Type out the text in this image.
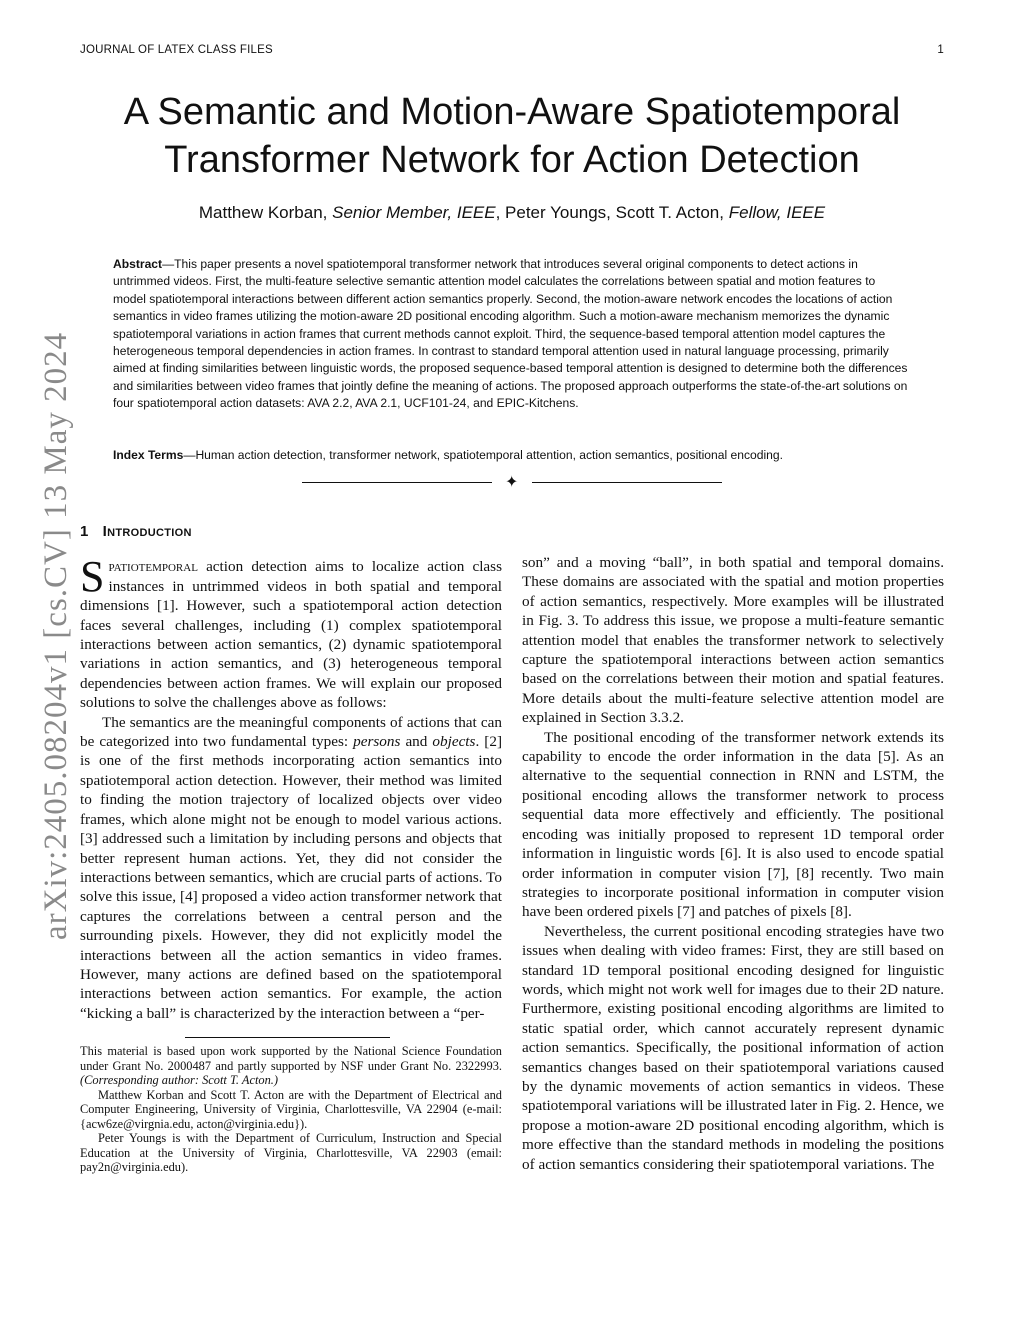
JOURNAL OF LATEX CLASS FILES	1
arXiv:2405.08204v1 [cs.CV] 13 May 2024
A Semantic and Motion-Aware Spatiotemporal Transformer Network for Action Detection
Matthew Korban, Senior Member, IEEE, Peter Youngs, Scott T. Acton, Fellow, IEEE

Abstract—This paper presents a novel spatiotemporal transformer network that introduces several original components to detect actions in untrimmed videos. First, the multi-feature selective semantic attention model calculates the correlations between spatial and motion features to model spatiotemporal interactions between different action semantics properly. Second, the motion-aware network encodes the locations of action semantics in video frames utilizing the motion-aware 2D positional encoding algorithm. Such a motion-aware mechanism memorizes the dynamic spatiotemporal variations in action frames that current methods cannot exploit. Third, the sequence-based temporal attention model captures the heterogeneous temporal dependencies in action frames. In contrast to standard temporal attention used in natural language processing, primarily aimed at finding similarities between linguistic words, the proposed sequence-based temporal attention is designed to determine both the differences and similarities between video frames that jointly define the meaning of actions. The proposed approach outperforms the state-of-the-art solutions on four spatiotemporal action datasets: AVA 2.2, AVA 2.1, UCF101-24, and EPIC-Kitchens.

Index Terms—Human action detection, transformer network, spatiotemporal attention, action semantics, positional encoding.

✦
1 Introduction

Spatiotemporal action detection aims to localize action class instances in untrimmed videos in both spatial and temporal dimensions [1]. However, such a spatiotemporal action detection faces several challenges, including (1) complex spatiotemporal interactions between action semantics, (2) dynamic spatiotemporal variations in action semantics, and (3) heterogeneous temporal dependencies between action frames. We will explain our proposed solutions to solve the challenges above as follows:

The semantics are the meaningful components of actions that can be categorized into two fundamental types: persons and objects. [2] is one of the first methods incorporating action semantics into spatiotemporal action detection. However, their method was limited to finding the motion trajectory of localized objects over video frames, which alone might not be enough to model various actions. [3] addressed such a limitation by including persons and objects that better represent human actions. Yet, they did not consider the interactions between semantics, which are crucial parts of actions. To solve this issue, [4] proposed a video action transformer network that captures the correlations between a central person and the surrounding pixels. However, they did not explicitly model the interactions between all the action semantics in video frames. However, many actions are defined based on the spatiotemporal interactions between action semantics. For example, the action “kicking a ball” is characterized by the interaction between a “per-

This material is based upon work supported by the National Science Foundation under Grant No. 2000487 and partly supported by NSF under Grant No. 2322993. (Corresponding author: Scott T. Acton.)

Matthew Korban and Scott T. Acton are with the Department of Electrical and Computer Engineering, University of Virginia, Charlottesville, VA 22904 (e-mail: {acw6ze@virgnia.edu, acton@virginia.edu}).

Peter Youngs is with the Department of Curriculum, Instruction and Special Education at the University of Virginia, Charlottesville, VA 22903 (email: pay2n@virginia.edu).

son” and a moving “ball”, in both spatial and temporal domains. These domains are associated with the spatial and motion properties of action semantics, respectively. More examples will be illustrated in Fig. 3. To address this issue, we propose a multi-feature semantic attention model that enables the transformer network to selectively capture the spatiotemporal interactions between action semantics based on the correlations between their motion and spatial features. More details about the multi-feature selective attention model are explained in Section 3.3.2.

The positional encoding of the transformer network extends its capability to encode the order information in the data [5]. As an alternative to the sequential connection in RNN and LSTM, the positional encoding allows the transformer network to process sequential data more effectively and efficiently. The positional encoding was initially proposed to represent 1D temporal order information in linguistic words [6]. It is also used to encode spatial order information in computer vision [7], [8] recently. Two main strategies to incorporate positional information in computer vision have been ordered pixels [7] and patches of pixels [8].

Nevertheless, the current positional encoding strategies have two issues when dealing with video frames: First, they are still based on standard 1D temporal positional encoding designed for linguistic words, which might not work well for images due to their 2D nature. Furthermore, existing positional encoding algorithms are limited to static spatial order, which cannot accurately represent dynamic action semantics. Specifically, the positional information of action semantics changes based on their spatiotemporal variations caused by the dynamic movements of action semantics in videos. These spatiotemporal variations will be illustrated later in Fig. 2. Hence, we propose a motion-aware 2D positional encoding algorithm, which is more effective than the standard methods in modeling the positions of action semantics considering their spatiotemporal variations. The
